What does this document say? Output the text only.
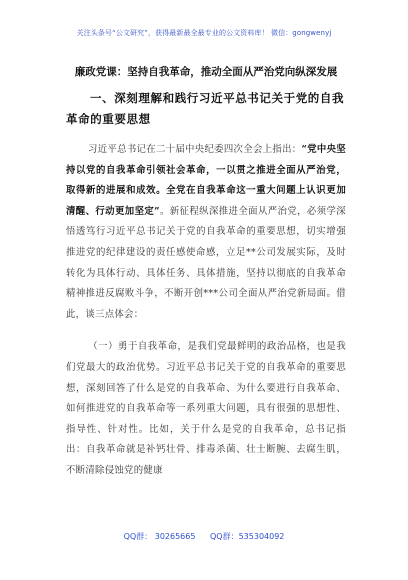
关注头条号“公文研究”，获得最新最全最专业的公文资料库！ 微信：gongwenyj
廉政党课：坚持自我革命，推动全面从严治党向纵深发展
一、深刻理解和践行习近平总书记关于党的自我革命的重要思想

习近平总书记在二十届中央纪委四次全会上指出：“党中央坚持以党的自我革命引领社会革命，一以贯之推进全面从严治党，取得新的进展和成效。全党在自我革命这一重大问题上认识更加清醒、行动更加坚定”。新征程纵深推进全面从严治党，必须学深悟透笃行习近平总书记关于党的自我革命的重要思想，切实增强推进党的纪律建设的责任感使命感，立足**公司发展实际，及时转化为具体行动、具体任务、具体措施，坚持以彻底的自我革命精神推进反腐败斗争，不断开创***公司全面从严治党新局面。借此，谈三点体会：

（一）勇于自我革命，是我们党最鲜明的政治品格，也是我们党最大的政治优势。习近平总书记关于党的自我革命的重要思想，深刻回答了什么是党的自我革命、为什么要进行自我革命、如何推进党的自我革命等一系列重大问题，具有很强的思想性、指导性、针对性。比如，关于什么是党的自我革命，总书记指出：自我革命就是补钙壮骨、排毒杀菌、壮士断腕、去腐生肌，不断清除侵蚀党的健康

QQ群： 30265665 QQ群：535304092
